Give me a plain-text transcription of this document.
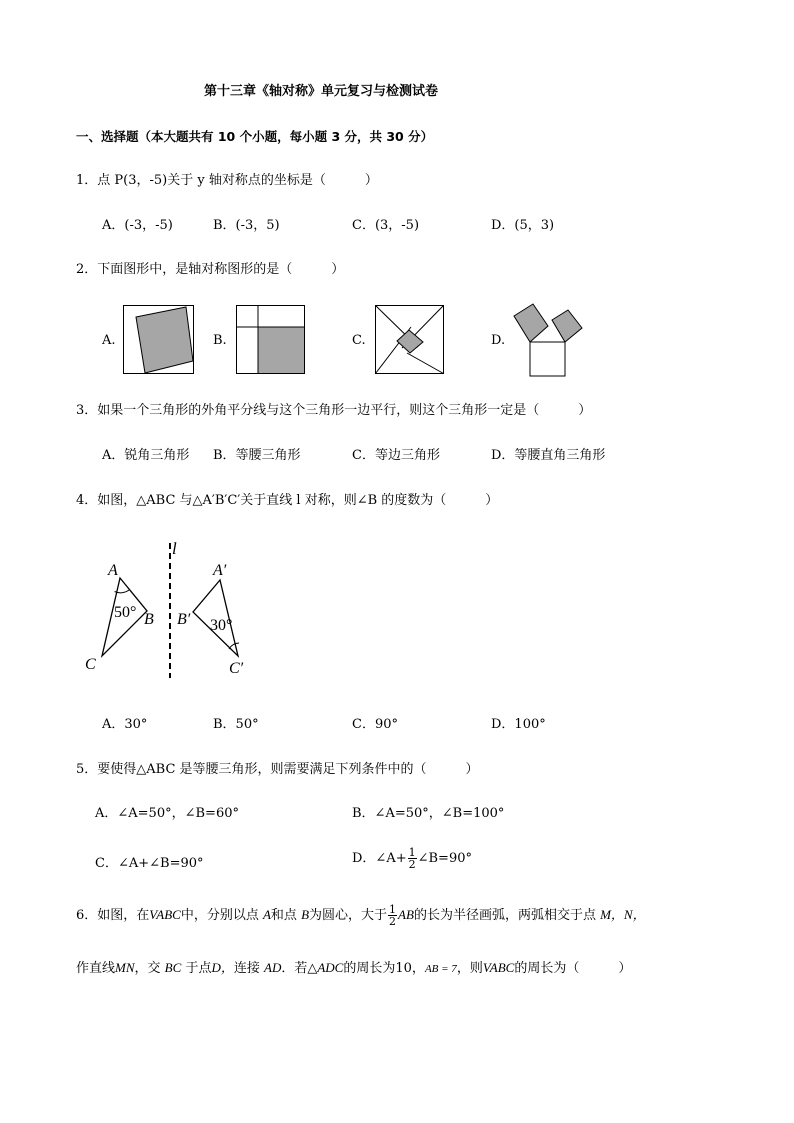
第十三章《轴对称》单元复习与检测试卷
一、选择题（本大题共有 10 个小题，每小题 3 分，共 30 分）
1．点 P(3，-5)关于 y 轴对称点的坐标是（　　　）
A．(-3，-5)	B．(-3，5)	C．(3，-5)	D．(5，3)
2．下面图形中，是轴对称图形的是（　　　）
A.	B.	C.	D.
3．如果一个三角形的外角平分线与这个三角形一边平行，则这个三角形一定是（　　　）
A．锐角三角形 B．等腰三角形	C．等边三角形	D．等腰直角三角形
4．如图，△ABC 与△A′B′C′关于直线 l 对称，则∠B 的度数为（　　　）
l
A
B
C
50°
A′
B′
C′
30°
A．30°	B．50°	C．90°	D．100°
5．要使得△ABC 是等腰三角形，则需要满足下列条件中的（　　　）
A．∠A=50°，∠B=60°	B．∠A=50°，∠B=100°
C．∠A+∠B=90°	D．∠A+ $\frac{1}{2}$ ∠B=90°
6．如图，在VABC中，分别以点 A和点 B为圆心，大于 $\frac{1}{2}$ AB的长为半径画弧，两弧相交于点 M，N，
作直线MN，交 BC 于点D，连接 AD．若△ADC的周长为10，AB = 7，则VABC的周长为（　　　）
